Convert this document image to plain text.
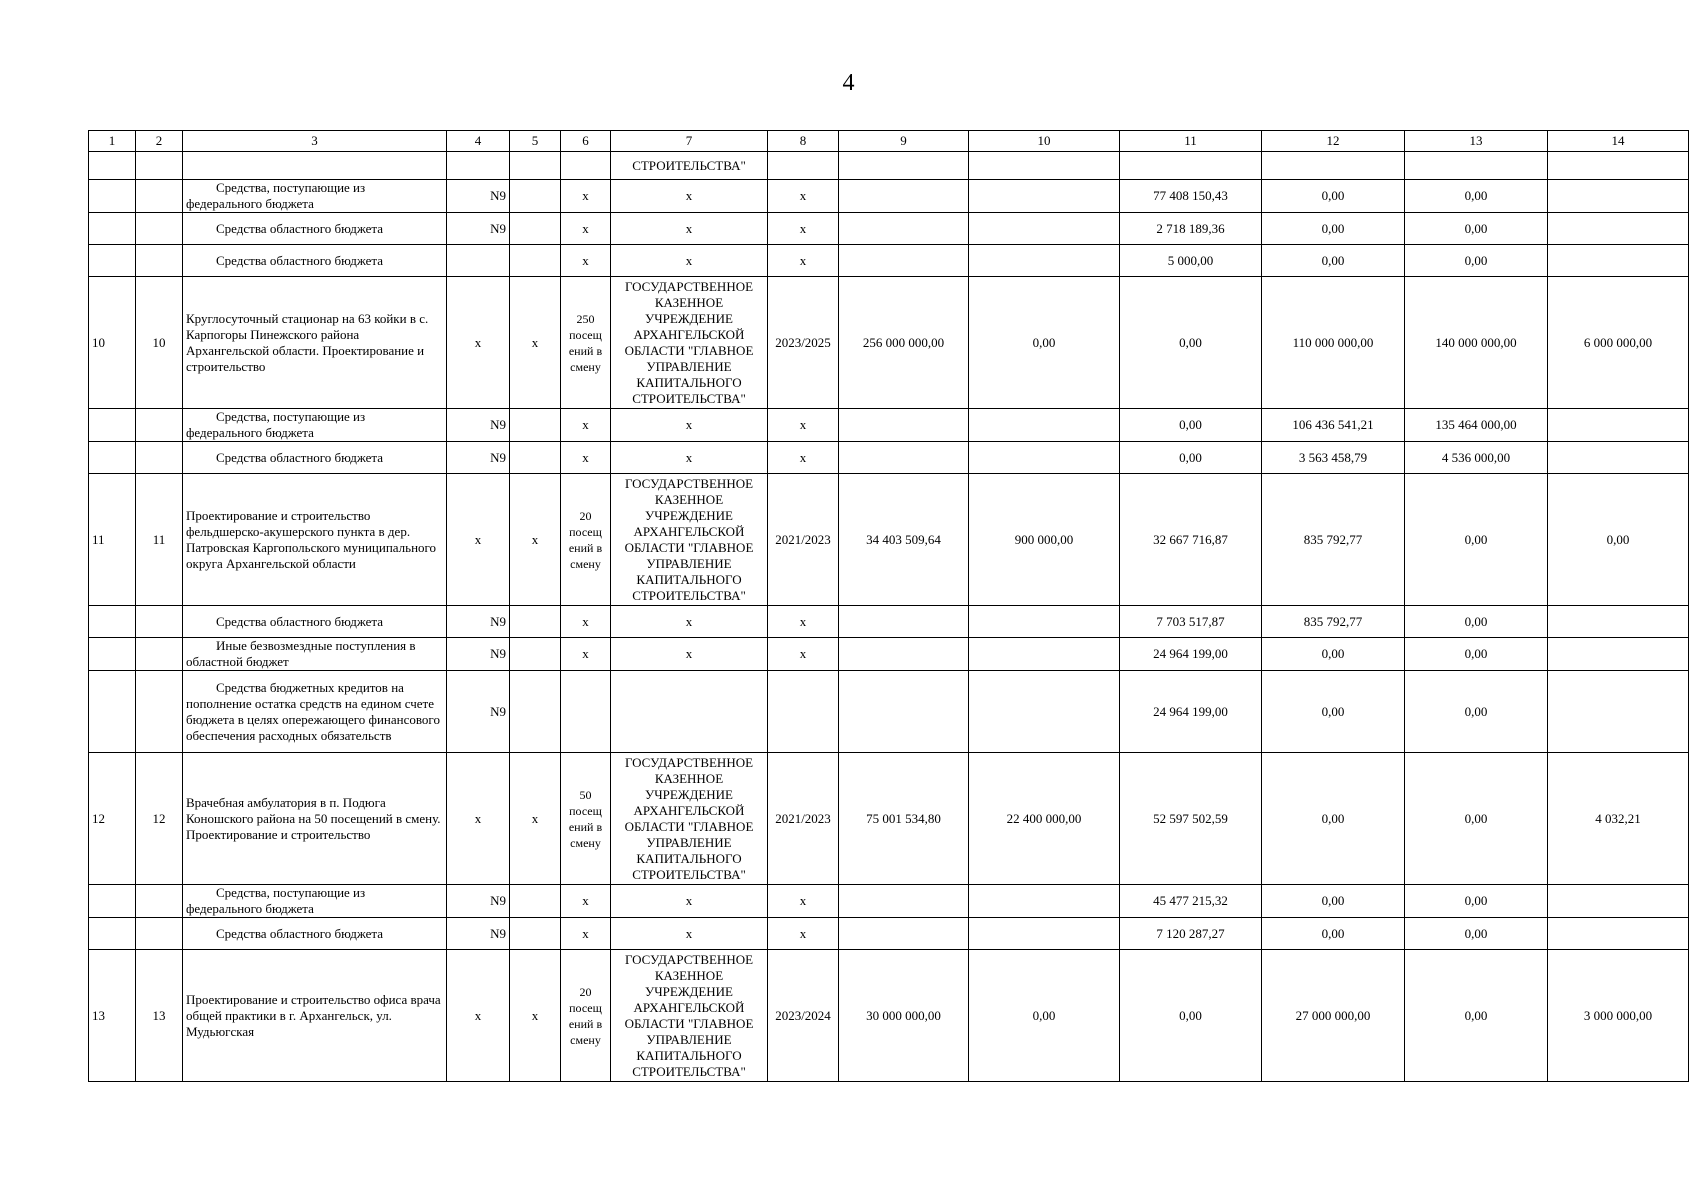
4
1	2	3	4	5	6	7	8	9	10	11	12	13	14
						СТРОИТЕЛЬСТВА"							
		Средства, поступающие из федерального бюджета	N9		x	x	x			77 408 150,43	0,00	0,00	
		Средства областного бюджета	N9		x	x	x			2 718 189,36	0,00	0,00	
		Средства областного бюджета			x	x	x			5 000,00	0,00	0,00	
10	10	Круглосуточный стационар на 63 койки в с. Карпогоры Пинежского района Архангельской области. Проектирование и строительство	x	x	250 посещ ений в смену	ГОСУДАРСТВЕННОЕ КАЗЕННОЕ УЧРЕЖДЕНИЕ АРХАНГЕЛЬСКОЙ ОБЛАСТИ "ГЛАВНОЕ УПРАВЛЕНИЕ КАПИТАЛЬНОГО СТРОИТЕЛЬСТВА"	2023/2025	256 000 000,00	0,00	0,00	110 000 000,00	140 000 000,00	6 000 000,00
		Средства, поступающие из федерального бюджета	N9		x	x	x			0,00	106 436 541,21	135 464 000,00	
		Средства областного бюджета	N9		x	x	x			0,00	3 563 458,79	4 536 000,00	
11	11	Проектирование и строительство фельдшерско-акушерского пункта в дер. Патровская Каргопольского муниципального округа Архангельской области	x	x	20 посещ ений в смену	ГОСУДАРСТВЕННОЕ КАЗЕННОЕ УЧРЕЖДЕНИЕ АРХАНГЕЛЬСКОЙ ОБЛАСТИ "ГЛАВНОЕ УПРАВЛЕНИЕ КАПИТАЛЬНОГО СТРОИТЕЛЬСТВА"	2021/2023	34 403 509,64	900 000,00	32 667 716,87	835 792,77	0,00	0,00
		Средства областного бюджета	N9		x	x	x			7 703 517,87	835 792,77	0,00	
		Иные безвозмездные поступления в областной бюджет	N9		x	x	x			24 964 199,00	0,00	0,00	
		Средства бюджетных кредитов на пополнение остатка средств на едином счете бюджета в целях опережающего финансового обеспечения расходных обязательств	N9							24 964 199,00	0,00	0,00	
12	12	Врачебная амбулатория в п. Подюга Коношского района на 50 посещений в смену. Проектирование и строительство	x	x	50 посещ ений в смену	ГОСУДАРСТВЕННОЕ КАЗЕННОЕ УЧРЕЖДЕНИЕ АРХАНГЕЛЬСКОЙ ОБЛАСТИ "ГЛАВНОЕ УПРАВЛЕНИЕ КАПИТАЛЬНОГО СТРОИТЕЛЬСТВА"	2021/2023	75 001 534,80	22 400 000,00	52 597 502,59	0,00	0,00	4 032,21
		Средства, поступающие из федерального бюджета	N9		x	x	x			45 477 215,32	0,00	0,00	
		Средства областного бюджета	N9		x	x	x			7 120 287,27	0,00	0,00	
13	13	Проектирование и строительство офиса врача общей практики в г. Архангельск, ул. Мудьюгская	x	x	20 посещ ений в смену	ГОСУДАРСТВЕННОЕ КАЗЕННОЕ УЧРЕЖДЕНИЕ АРХАНГЕЛЬСКОЙ ОБЛАСТИ "ГЛАВНОЕ УПРАВЛЕНИЕ КАПИТАЛЬНОГО СТРОИТЕЛЬСТВА"	2023/2024	30 000 000,00	0,00	0,00	27 000 000,00	0,00	3 000 000,00
